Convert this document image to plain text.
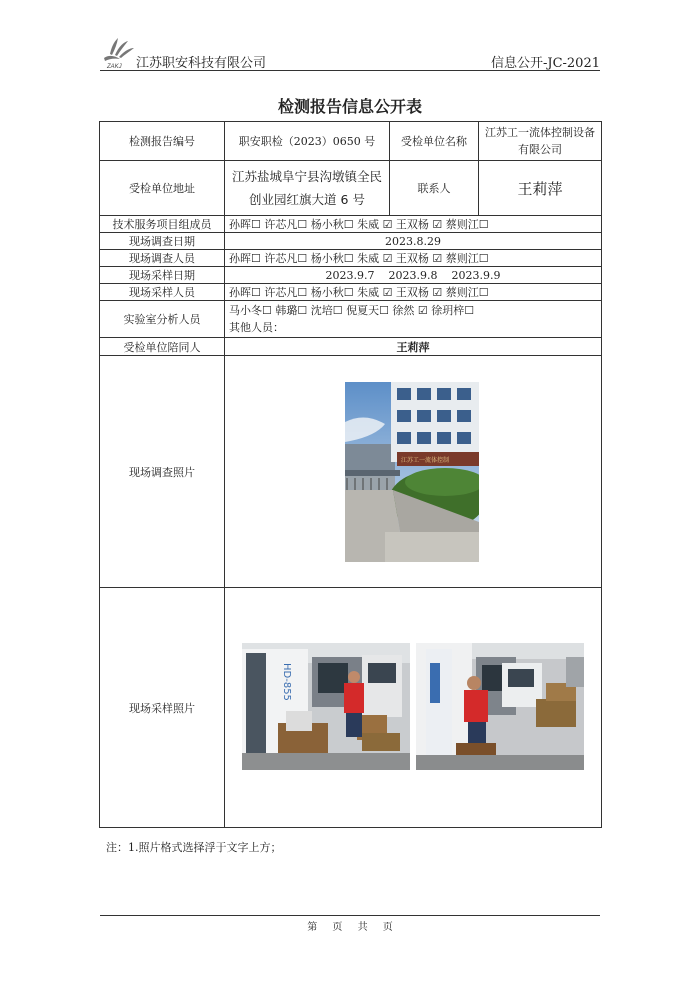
ZAKJ 江苏职安科技有限公司	信息公开-JC-2021
检测报告信息公开表
检测报告编号	职安职检（2023）0650 号	受检单位名称	江苏工一流体控制设备有限公司
受检单位地址	江苏盐城阜宁县沟墩镇全民创业园红旗大道 6 号	联系人	王莉萍
技术服务项目组成员	孙晖☐ 许芯凡☐ 杨小秋☐ 朱威 ☑ 王双杨 ☑ 蔡则江☐		
现场调查日期	2023.8.29		
现场调查人员	孙晖☐ 许芯凡☐ 杨小秋☐ 朱威 ☑ 王双杨 ☑ 蔡则江☐		
现场采样日期	2023.9.7    2023.9.8    2023.9.9		
现场采样人员	孙晖☐ 许芯凡☐ 杨小秋☐ 朱威 ☑ 王双杨 ☑ 蔡则江☐		
实验室分析人员	马小冬☐ 韩璐☐ 沈培☐ 倪夏天☐ 徐然 ☑ 徐玥梓☐
其他人员：		

受检单位陪同人	王莉萍		
现场调查照片	江苏工一流体控制		

现场采样照片	HD-855		

注：1.照片格式选择浮于文字上方；
第 页 共 页
